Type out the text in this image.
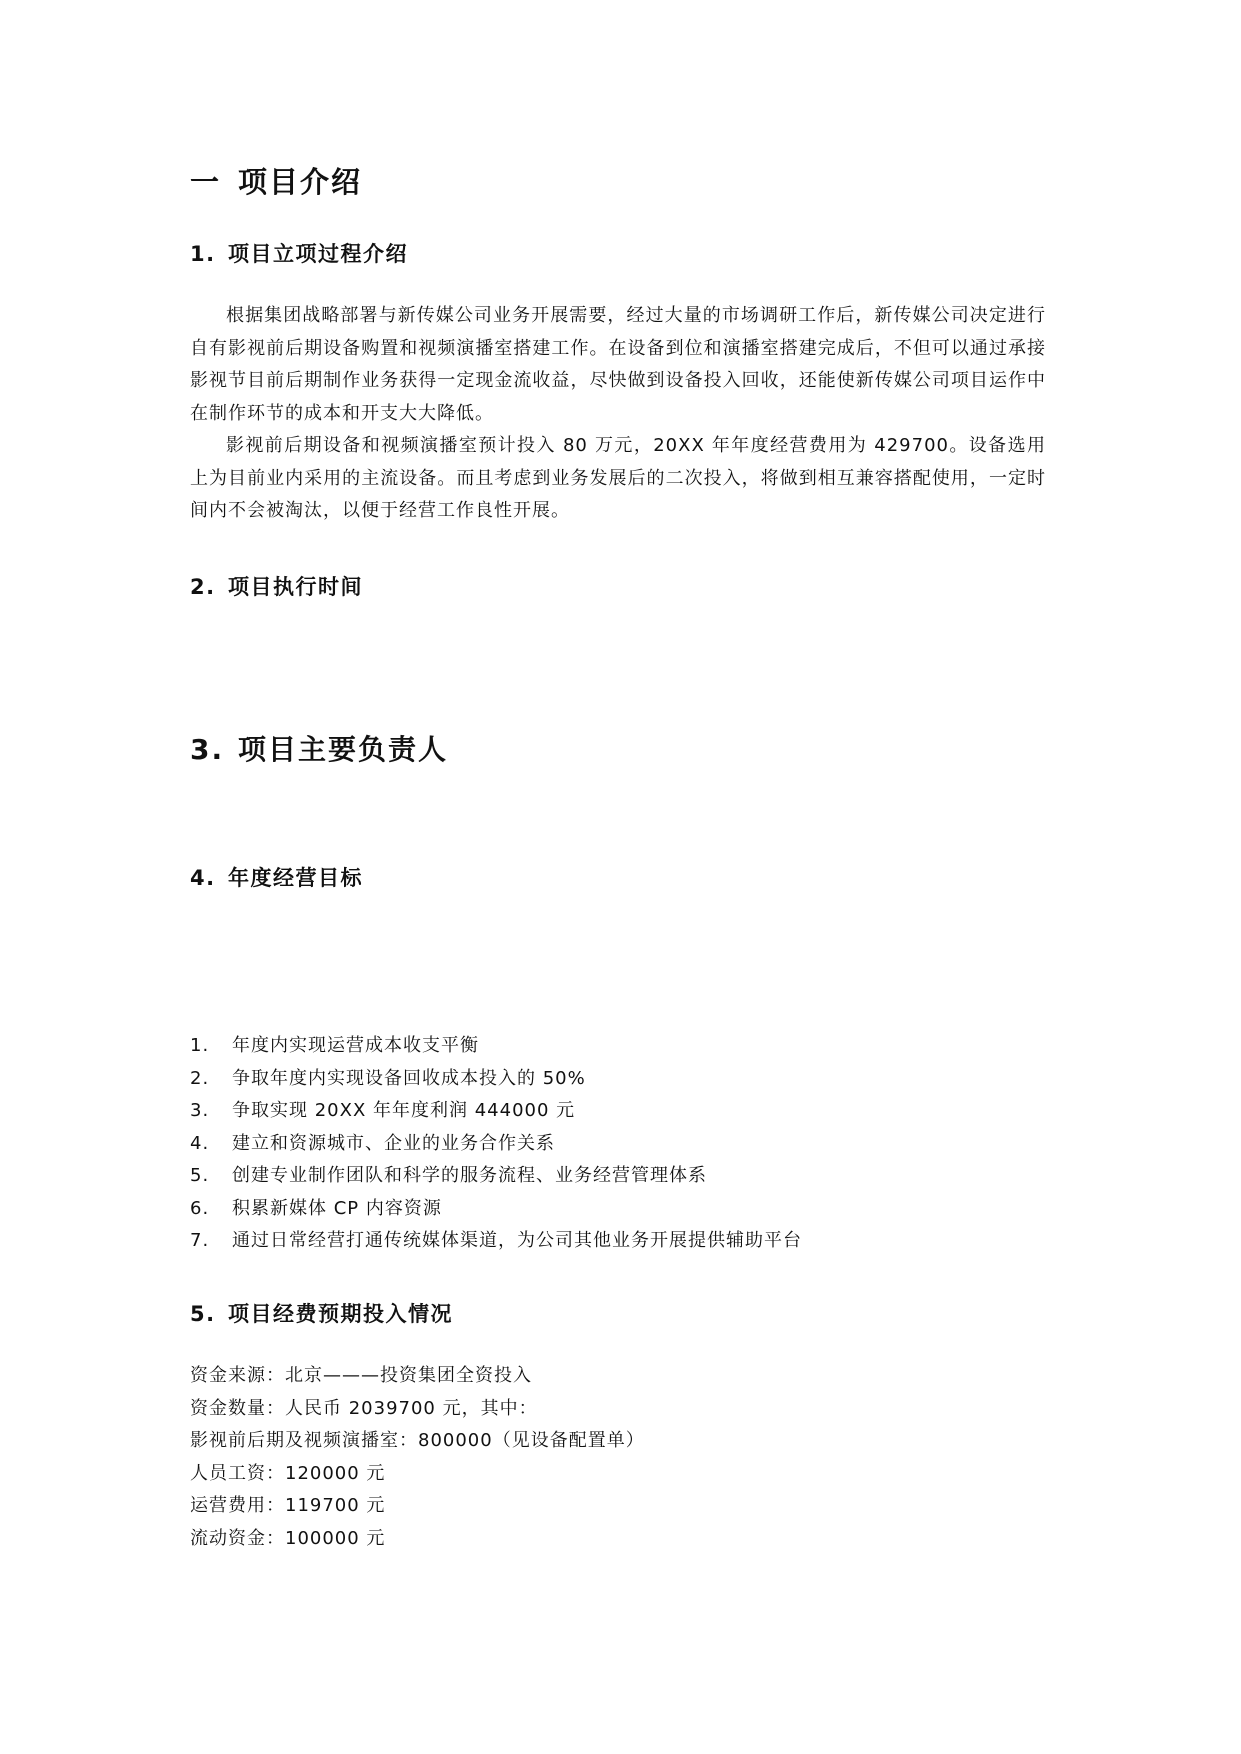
一 项目介绍
1. 项目立项过程介绍

根据集团战略部署与新传媒公司业务开展需要，经过大量的市场调研工作后，新传媒公司决定进行自有影视前后期设备购置和视频演播室搭建工作。在设备到位和演播室搭建完成后，不但可以通过承接影视节目前后期制作业务获得一定现金流收益，尽快做到设备投入回收，还能使新传媒公司项目运作中在制作环节的成本和开支大大降低。

影视前后期设备和视频演播室预计投入 80 万元，20XX 年年度经营费用为 429700。设备选用上为目前业内采用的主流设备。而且考虑到业务发展后的二次投入，将做到相互兼容搭配使用，一定时间内不会被淘汰，以便于经营工作良性开展。

2. 项目执行时间
3. 项目主要负责人
4. 年度经营目标
1. 年度内实现运营成本收支平衡
2. 争取年度内实现设备回收成本投入的 50%
3. 争取实现 20XX 年年度利润 444000 元
4. 建立和资源城市、企业的业务合作关系
5. 创建专业制作团队和科学的服务流程、业务经营管理体系
6. 积累新媒体 CP 内容资源
7. 通过日常经营打通传统媒体渠道，为公司其他业务开展提供辅助平台
5. 项目经费预期投入情况
资金来源：北京———投资集团全资投入
资金数量：人民币 2039700 元，其中：
影视前后期及视频演播室：800000（见设备配置单）
人员工资：120000 元
运营费用：119700 元
流动资金：100000 元
